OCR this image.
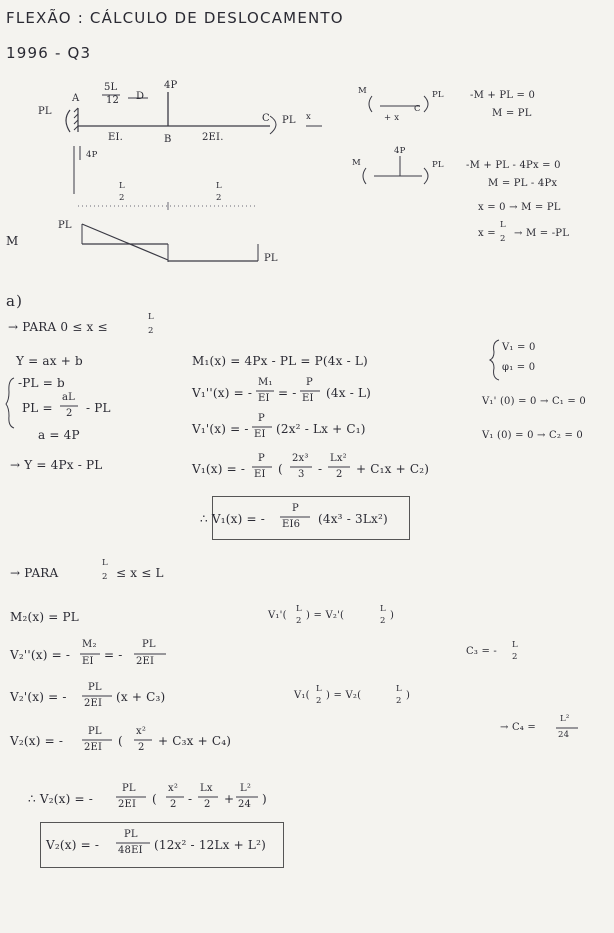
FLEXÃO : CÁLCULO DE DESLOCAMENTO
1996 - Q3
PL
A
5L
12 D
4P
B
C PL x
EI.	2EI.
4P
L
2
L
2
PL
M
PL
M
C
PL
+ x
-M + PL = 0
M = PL
M
4P
PL -M + PL - 4Px = 0
M = PL - 4Px
x = 0 → M = PL
x =
L
2 → M = -PL
a)
→ PARA 0 ≤ x ≤
L
2
Y = ax + b
-PL = b
PL =
aL
2 - PL
a = 4P
→ Y = 4Px - PL
M₁(x) = 4Px - PL = P(4x - L)
V₁''(x) = -
M₁
EI = -
P
EI (4x - L)
V₁'(x) = -
P
EI (2x² - Lx + C₁)
V₁(x) = -
P
EI (
2x³
3 -
Lx²
2 + C₁x + C₂)
∴ V₁(x) = -
P
EI6 (4x³ - 3Lx²)
V₁ = 0
φ₁ = 0
V₁' (0) = 0 → C₁ = 0
V₁ (0) = 0 → C₂ = 0
→ PARA
L
2 ≤ x ≤ L
M₂(x) = PL
V₂''(x) = -
M₂
EI = -
PL
2EI
V₂'(x) = -
PL
2EI (x + C₃)
V₂(x) = -
PL
2EI (
x²
2 + C₃x + C₄)
V₁'(
L
2 ) = V₂'(
L
2 )
C₃ = -
L
2
V₁(
L
2 ) = V₂(
L
2 )
→ C₄ =
L²
24
∴ V₂(x) = -
PL
2EI (
x²
2 -
Lx
2 +
L²
24 )
V₂(x) = -
PL
48EI (12x² - 12Lx + L²)
